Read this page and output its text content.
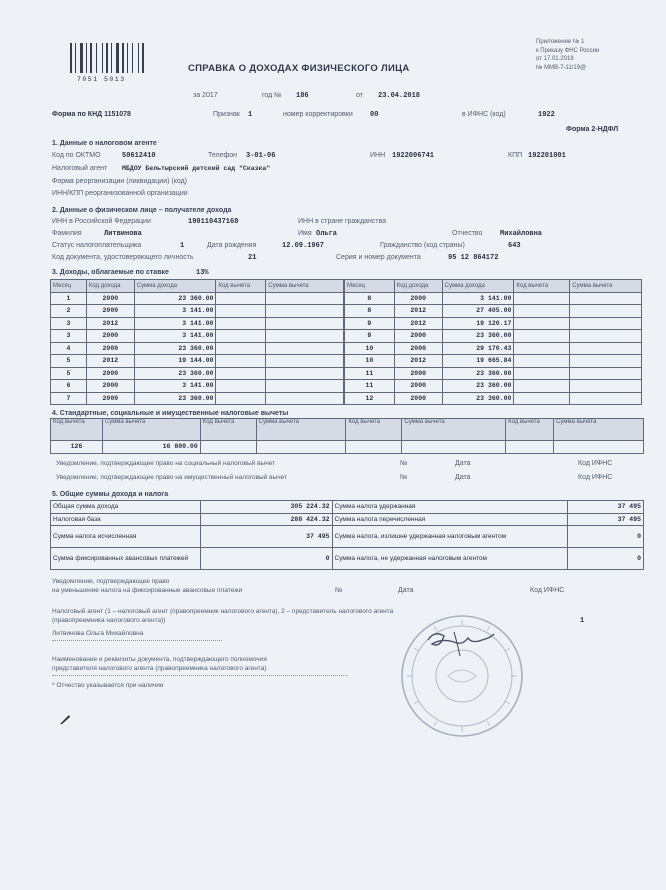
7051 5013
Приложение № 1
к Приказу ФНС России
от 17.01.2018
№ ММВ-7-11/19@
СПРАВКА О ДОХОДАХ ФИЗИЧЕСКОГО ЛИЦА
за 2017	год № 186	от 23.04.2018
Форма по КНД 1151078	Признак 1	номер корректировки 00	в ИФНС (код)	1922
Форма 2-НДФЛ
1. Данные о налоговом агенте
Код по ОКТМО	50612410	Телефон 3-01-06	ИНН 1922006741	КПП 192201001
Налоговый агент МБДОУ Бельтырский детский сад "Сказка"
Форма реорганизации (ликвидации) (код)
ИНН/КПП реорганизованной организации
2. Данные о физическом лице – получателе дохода
ИНН в Российской Федерации	190110437168	ИНН в стране гражданства
Фамилия	Литвинова	Имя Ольга	Отчество	Михайловна
Статус налогоплательщика	1	Дата рождения	12.09.1967	Гражданство (код страны)	643
Код документа, удостоверяющего личность	21	Серия и номер документа	95 12 864172
3. Доходы, облагаемые по ставке	13%
Месяц	Код дохода	Сумма дохода	Код вычета	Сумма вычета
1	2000	23 360.00		
2	2000	3 141.00		
3	2012	3 141.00		
3	2000	3 141.00		
4	2000	23 360.00		
5	2012	19 144.00		
5	2000	23 360.00		
6	2000	3 141.00		
7	2000	23 360.00		
Месяц	Код дохода	Сумма дохода	Код вычета	Сумма вычета
8	2000	3 141.00		
8	2012	27 405.00		
9	2012	19 120.17		
9	2000	23 360.00		
10	2000	29 170.43		
10	2012	19 665.84		
11	2000	23 360.00		
11	2000	23 360.00		
12	2000	23 360.00		
4. Стандартные, социальные и имущественные налоговые вычеты
Код вычета	Сумма вычета	Код вычета	Сумма вычета	Код вычета	Сумма вычета	Код вычета	Сумма вычета
126	16 800.00						
Уведомление, подтверждающее право на социальный налоговый вычет	№	Дата	Код ИФНС
Уведомление, подтверждающее право на имущественный налоговый вычет	№	Дата	Код ИФНС
5. Общие суммы дохода и налога
Общая сумма дохода	305 224.32	Сумма налога удержанная	37 495
Налоговая база	288 424.32	Сумма налога перечисленная	37 495
Сумма налога исчисленная	37 495	Сумма налога, излишне удержанная налоговым агентом	0
Сумма фиксированных авансовых платежей	0	Сумма налога, не удержанная налоговым агентом	0
Уведомление, подтверждающее право
на уменьшение налога на фиксированные авансовые платежи	№	Дата	Код ИФНС
Налоговый агент (1 – налоговый агент (правопреемник налогового агента), 2 – представитель налогового агента
(правопреемника налогового агента))	1
Литвинова Ольга Михайловна
Наименование и реквизиты документа, подтверждающего полномочия
представителя налогового агента (правопреемника налогового агента)
* Отчество указывается при наличии
